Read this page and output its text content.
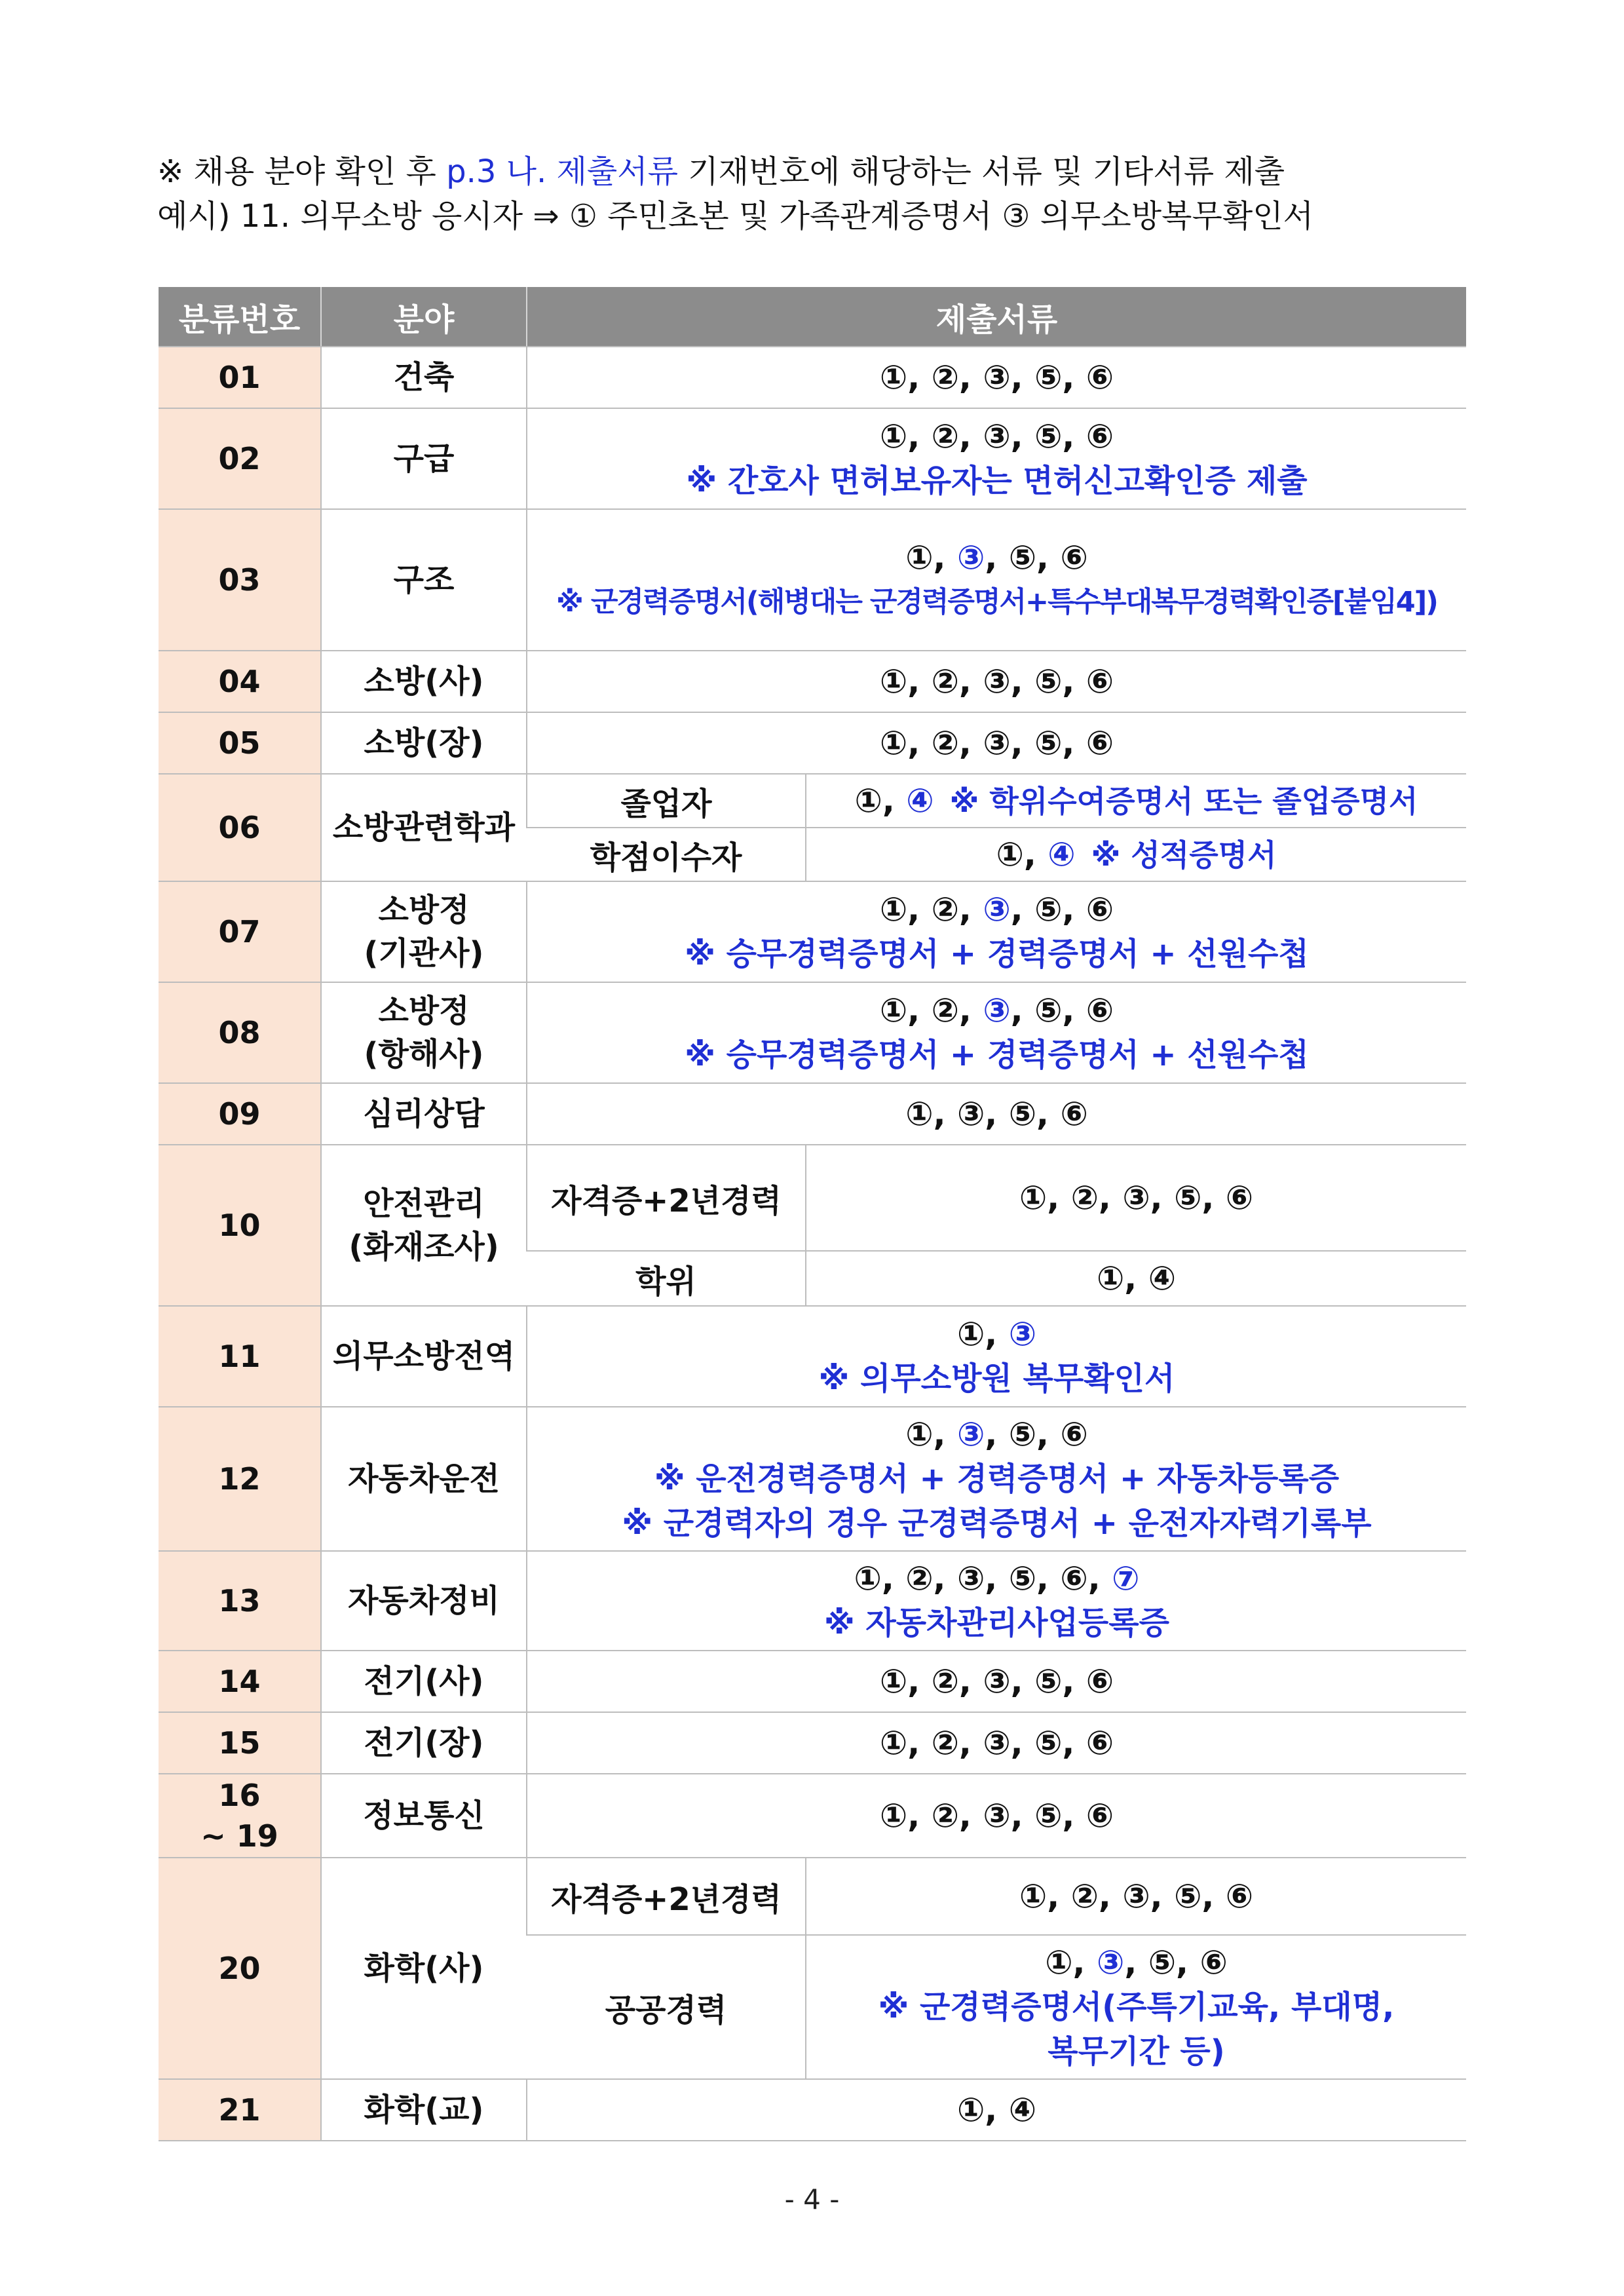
※ 채용 분야 확인 후 p.3 나. 제출서류 기재번호에 해당하는 서류 및 기타서류 제출
예시) 11. 의무소방 응시자 ⇒ ① 주민초본 및 가족관계증명서 ③ 의무소방복무확인서
분류번호	분야	제출서류	
01	건축	①, ②, ③, ⑤, ⑥	
02	구급	①, ②, ③, ⑤, ⑥
※ 간호사 면허보유자는 면허신고확인증 제출	

03	구조	①, ③, ⑤, ⑥
※ 군경력증명서(해병대는 군경력증명서+특수부대복무경력확인증[붙임4])	

04	소방(사)	①, ②, ③, ⑤, ⑥	
05	소방(장)	①, ②, ③, ⑤, ⑥	
06	소방관련학과	졸업자	①, ④ ※ 학위수여증명서 또는 졸업증명서
		학점이수자	①, ④ ※ 성적증명서
07	소방정
(기관사)	①, ②, ③, ⑤, ⑥
※ 승무경력증명서 + 경력증명서 + 선원수첩	

08	소방정
(항해사)	①, ②, ③, ⑤, ⑥
※ 승무경력증명서 + 경력증명서 + 선원수첩	

09	심리상담	①, ③, ⑤, ⑥	
10	안전관리
(화재조사)	자격증+2년경력	①, ②, ③, ⑤, ⑥
		학위	①, ④
11	의무소방전역	①, ③
※ 의무소방원 복무확인서	

12	자동차운전	①, ③, ⑤, ⑥
※ 운전경력증명서 + 경력증명서 + 자동차등록증
※ 군경력자의 경우 군경력증명서 + 운전자자력기록부	

13	자동차정비	①, ②, ③, ⑤, ⑥, ⑦
※ 자동차관리사업등록증	

14	전기(사)	①, ②, ③, ⑤, ⑥	
15	전기(장)	①, ②, ③, ⑤, ⑥	
16
~ 19	정보통신	①, ②, ③, ⑤, ⑥	
20	화학(사)	자격증+2년경력	①, ②, ③, ⑤, ⑥
		공공경력	①, ③, ⑤, ⑥
※ 군경력증명서(주특기교육, 부대명,
복무기간 등)

21	화학(교)	①, ④	
- 4 -
